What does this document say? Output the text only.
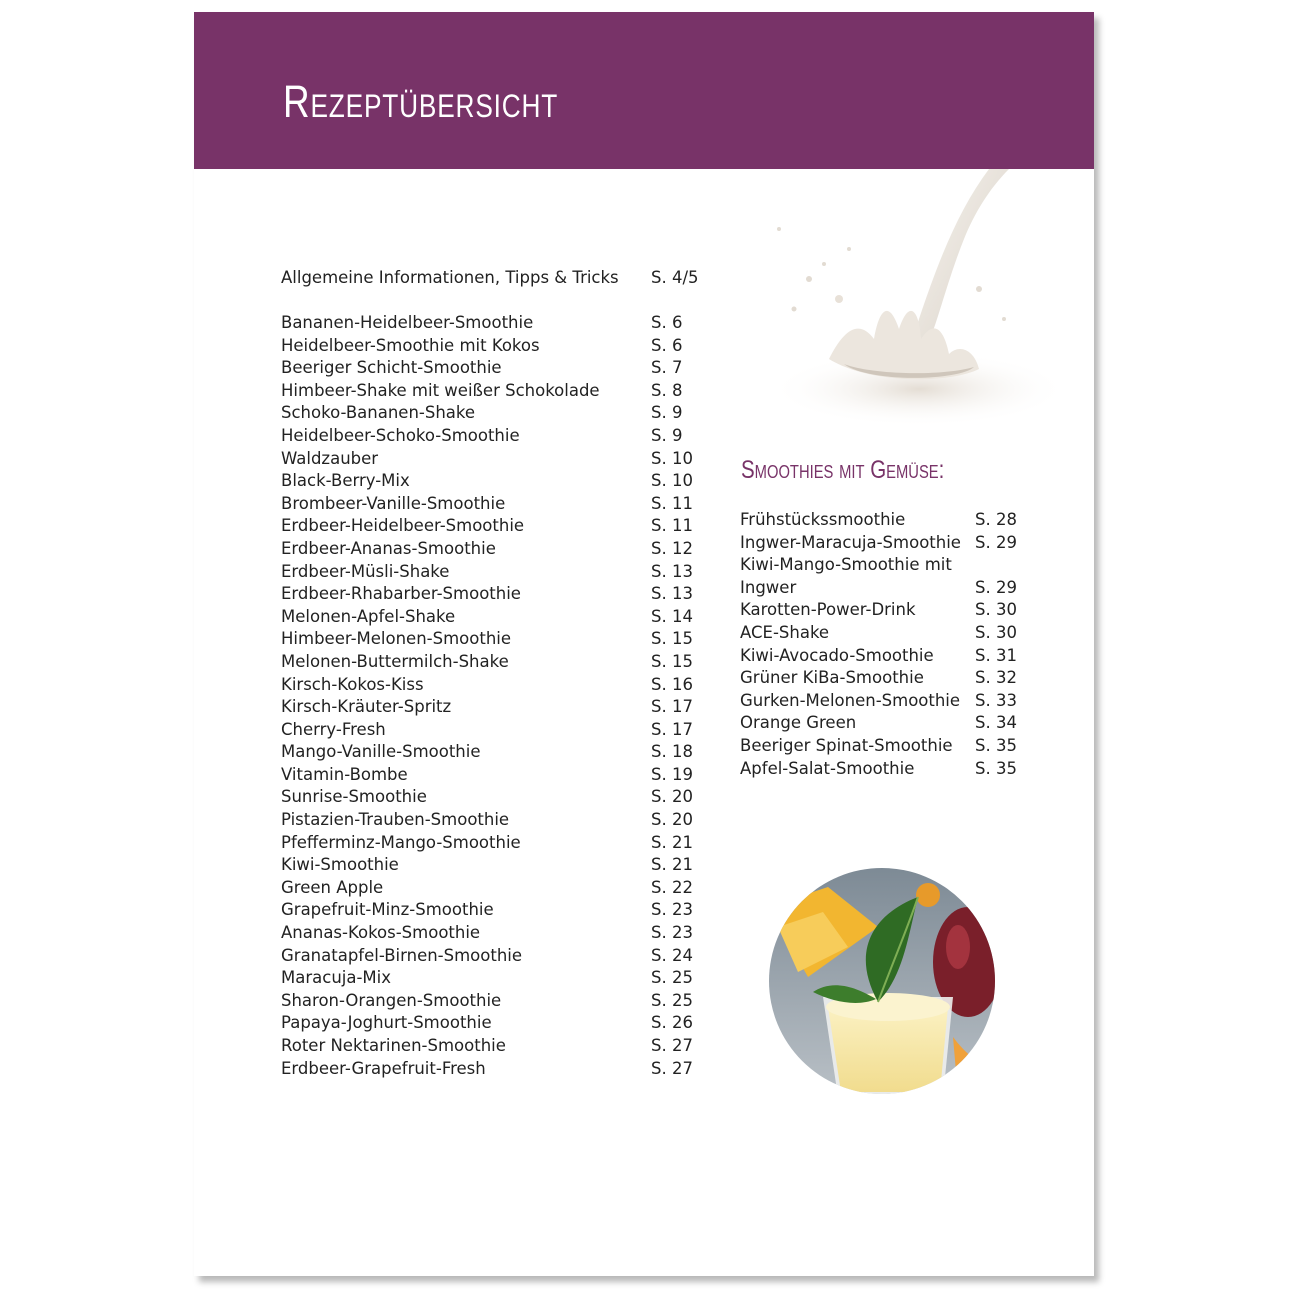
Rezeptübersicht
Allgemeine Informationen, Tipps & Tricks S. 4/5
Bananen-Heidelbeer-Smoothie	S. 6
Heidelbeer-Smoothie mit Kokos	S. 6
Beeriger Schicht-Smoothie	S. 7
Himbeer-Shake mit weißer Schokolade	S. 8
Schoko-Bananen-Shake	S. 9
Heidelbeer-Schoko-Smoothie	S. 9
Waldzauber	S. 10
Black-Berry-Mix	S. 10
Brombeer-Vanille-Smoothie	S. 11
Erdbeer-Heidelbeer-Smoothie	S. 11
Erdbeer-Ananas-Smoothie	S. 12
Erdbeer-Müsli-Shake	S. 13
Erdbeer-Rhabarber-Smoothie	S. 13
Melonen-Apfel-Shake	S. 14
Himbeer-Melonen-Smoothie	S. 15
Melonen-Buttermilch-Shake	S. 15
Kirsch-Kokos-Kiss	S. 16
Kirsch-Kräuter-Spritz	S. 17
Cherry-Fresh	S. 17
Mango-Vanille-Smoothie	S. 18
Vitamin-Bombe	S. 19
Sunrise-Smoothie	S. 20
Pistazien-Trauben-Smoothie	S. 20
Pfefferminz-Mango-Smoothie	S. 21
Kiwi-Smoothie	S. 21
Green Apple	S. 22
Grapefruit-Minz-Smoothie	S. 23
Ananas-Kokos-Smoothie	S. 23
Granatapfel-Birnen-Smoothie	S. 24
Maracuja-Mix	S. 25
Sharon-Orangen-Smoothie	S. 25
Papaya-Joghurt-Smoothie	S. 26
Roter Nektarinen-Smoothie	S. 27
Erdbeer-Grapefruit-Fresh	S. 27
Smoothies mit Gemüse:
Frühstückssmoothie	S. 28
Ingwer-Maracuja-Smoothie S. 29
Kiwi-Mango-Smoothie mit Ingwer	S. 29
Karotten-Power-Drink	S. 30
ACE-Shake	S. 30
Kiwi-Avocado-Smoothie	S. 31
Grüner KiBa-Smoothie	S. 32
Gurken-Melonen-Smoothie S. 33
Orange Green	S. 34
Beeriger Spinat-Smoothie S. 35
Apfel-Salat-Smoothie	S. 35
